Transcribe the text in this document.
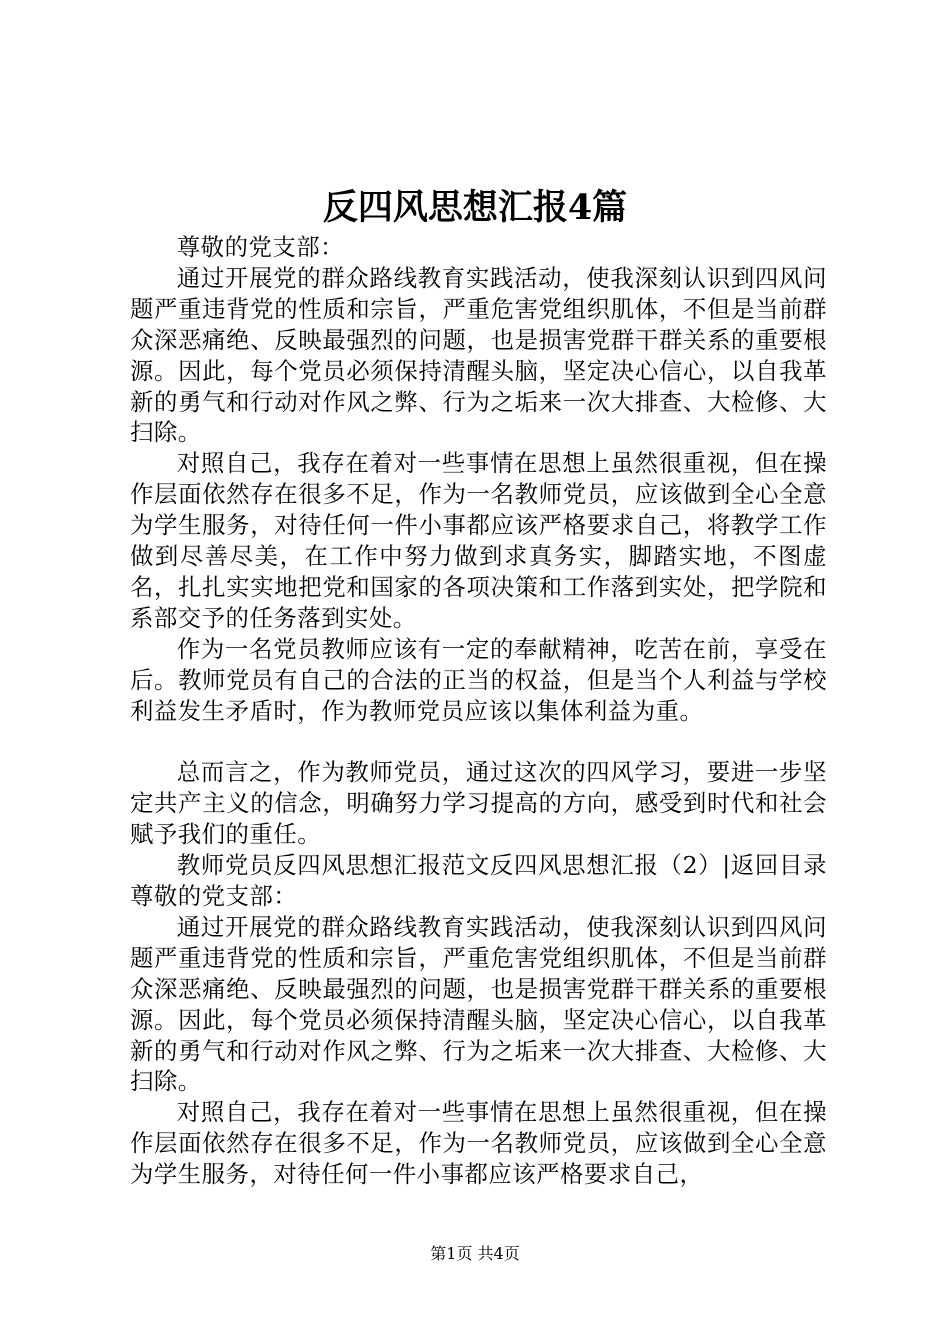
反四风思想汇报4篇

尊敬的党支部：

通过开展党的群众路线教育实践活动，使我深刻认识到四风问题严重违背党的性质和宗旨，严重危害党组织肌体，不但是当前群众深恶痛绝、反映最强烈的问题，也是损害党群干群关系的重要根源。因此，每个党员必须保持清醒头脑，坚定决心信心，以自我革新的勇气和行动对作风之弊、行为之垢来一次大排查、大检修、大扫除。

对照自己，我存在着对一些事情在思想上虽然很重视，但在操作层面依然存在很多不足，作为一名教师党员，应该做到全心全意为学生服务，对待任何一件小事都应该严格要求自己，将教学工作做到尽善尽美，在工作中努力做到求真务实，脚踏实地，不图虚名，扎扎实实地把党和国家的各项决策和工作落到实处，把学院和系部交予的任务落到实处。

作为一名党员教师应该有一定的奉献精神，吃苦在前，享受在后。教师党员有自己的合法的正当的权益，但是当个人利益与学校利益发生矛盾时，作为教师党员应该以集体利益为重。

总而言之，作为教师党员，通过这次的四风学习，要进一步坚定共产主义的信念，明确努力学习提高的方向，感受到时代和社会赋予我们的重任。

教师党员反四风思想汇报范文反四风思想汇报（2）|返回目录尊敬的党支部：

通过开展党的群众路线教育实践活动，使我深刻认识到四风问题严重违背党的性质和宗旨，严重危害党组织肌体，不但是当前群众深恶痛绝、反映最强烈的问题，也是损害党群干群关系的重要根源。因此，每个党员必须保持清醒头脑，坚定决心信心，以自我革新的勇气和行动对作风之弊、行为之垢来一次大排查、大检修、大扫除。

对照自己，我存在着对一些事情在思想上虽然很重视，但在操作层面依然存在很多不足，作为一名教师党员，应该做到全心全意为学生服务，对待任何一件小事都应该严格要求自己，

第1页 共4页
